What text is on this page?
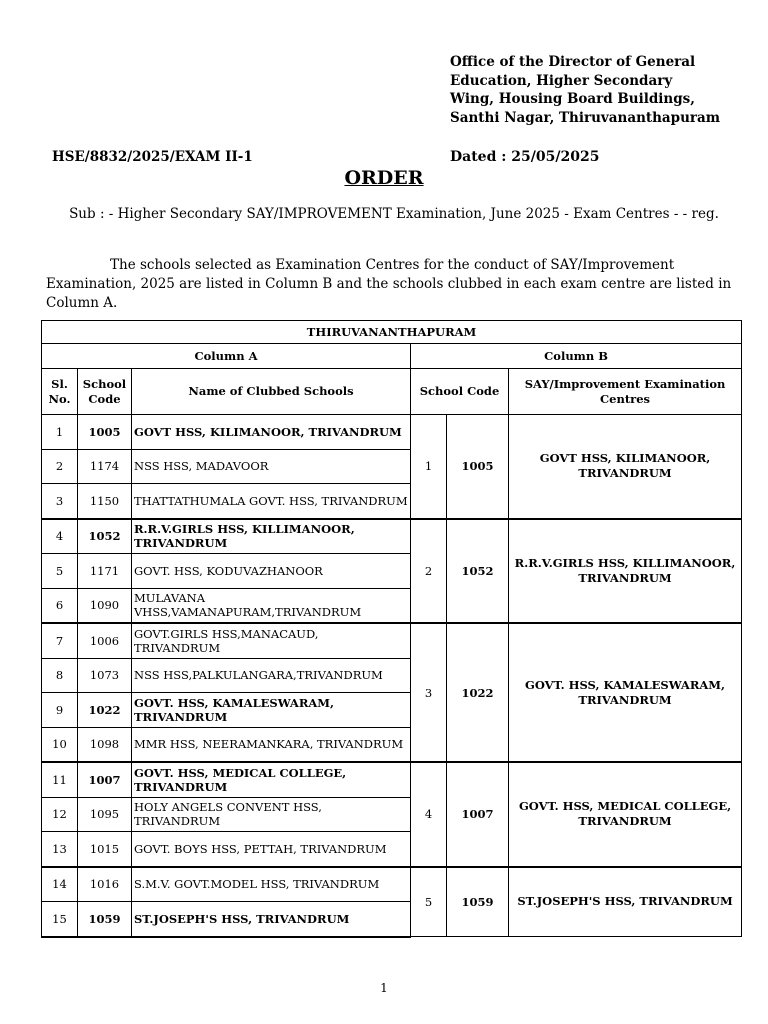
Office of the Director of General
Education, Higher Secondary
Wing, Housing Board Buildings,
Santhi Nagar, Thiruvananthapuram
HSE/8832/2025/EXAM II-1	Dated : 25/05/2025
ORDER
Sub : - Higher Secondary SAY/IMPROVEMENT Examination, June 2025 - Exam Centres - - reg.
The schools selected as Examination Centres for the conduct of SAY/Improvement Examination, 2025 are listed in Column B and the schools clubbed in each exam centre are listed in Column A.
THIRUVANANTHAPURAM					
Column A			Column B		
Sl. No.	School Code	Name of Clubbed Schools	School Code		SAY/Improvement Examination Centres
1	1005	GOVT HSS, KILIMANOOR, TRIVANDRUM	1	1005	GOVT HSS, KILIMANOOR, TRIVANDRUM
2	1174	NSS HSS, MADAVOOR			
3	1150	THATTATHUMALA GOVT. HSS, TRIVANDRUM			
4	1052	R.R.V.GIRLS HSS, KILLIMANOOR, TRIVANDRUM	2	1052	R.R.V.GIRLS HSS, KILLIMANOOR, TRIVANDRUM
5	1171	GOVT. HSS, KODUVAZHANOOR			
6	1090	MULAVANA VHSS,VAMANAPURAM,TRIVANDRUM			
7	1006	GOVT.GIRLS HSS,MANACAUD, TRIVANDRUM	3	1022	GOVT. HSS, KAMALESWARAM, TRIVANDRUM
8	1073	NSS HSS,PALKULANGARA,TRIVANDRUM			
9	1022	GOVT. HSS, KAMALESWARAM, TRIVANDRUM			
10	1098	MMR HSS, NEERAMANKARA, TRIVANDRUM			
11	1007	GOVT. HSS, MEDICAL COLLEGE, TRIVANDRUM	4	1007	GOVT. HSS, MEDICAL COLLEGE, TRIVANDRUM
12	1095	HOLY ANGELS CONVENT HSS, TRIVANDRUM			
13	1015	GOVT. BOYS HSS, PETTAH, TRIVANDRUM			
14	1016	S.M.V. GOVT.MODEL HSS, TRIVANDRUM	5	1059	ST.JOSEPH'S HSS, TRIVANDRUM
15	1059	ST.JOSEPH'S HSS, TRIVANDRUM			
1
